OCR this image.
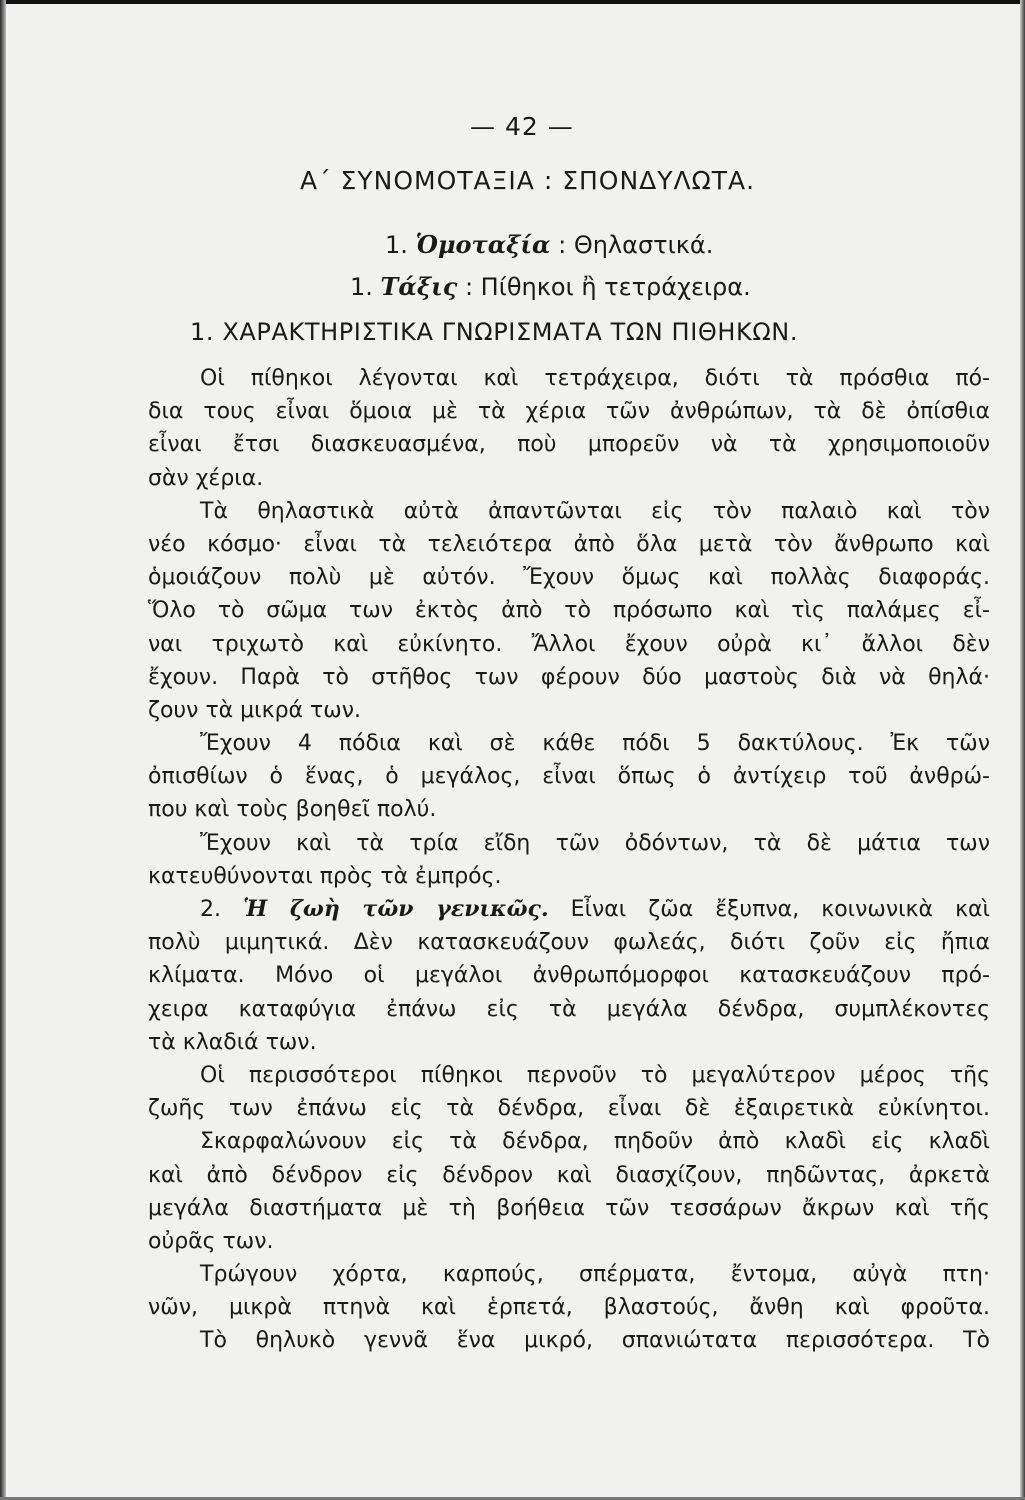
— 42 —
Α΄ ΣΥΝΟΜΟΤΑΞΙΑ : ΣΠΟΝΔΥΛΩΤΑ.
1. Ὁμοταξία : Θηλαστικά.
1. Τάξις : Πίθηκοι ἢ τετράχειρα.
1. ΧΑΡΑΚΤΗΡΙΣΤΙΚΑ ΓΝΩΡΙΣΜΑΤΑ ΤΩΝ ΠΙΘΗΚΩΝ.
Οἱ πίθηκοι λέγονται καὶ τετράχειρα, διότι τὰ πρόσθια πό-
δια τους εἶναι ὅμοια μὲ τὰ χέρια τῶν ἀνθρώπων, τὰ δὲ ὀπίσθια
εἶναι ἔτσι διασκευασμένα, ποὺ μπορεῦν νὰ τὰ χρησιμοποιοῦν
σὰν χέρια.
Τὰ θηλαστικὰ αὐτὰ ἀπαντῶνται εἰς τὸν παλαιὸ καὶ τὸν
νέο κόσμο· εἶναι τὰ τελειότερα ἀπὸ ὅλα μετὰ τὸν ἄνθρωπο καὶ
ὁμοιάζουν πολὺ μὲ αὐτόν. Ἔχουν ὅμως καὶ πολλὰς διαφοράς.
Ὅλο τὸ σῶμα των ἐκτὸς ἀπὸ τὸ πρόσωπο καὶ τὶς παλάμες εἶ-
ναι τριχωτὸ καὶ εὐκίνητο. Ἄλλοι ἔχουν οὐρὰ κι᾿ ἄλλοι δὲν
ἔχουν. Παρὰ τὸ στῆθος των φέρουν δύο μαστοὺς διὰ νὰ θηλά·
ζουν τὰ μικρά των.
Ἔχουν 4 πόδια καὶ σὲ κάθε πόδι 5 δακτύλους. Ἐκ τῶν
ὀπισθίων ὁ ἕνας, ὁ μεγάλος, εἶναι ὅπως ὁ ἀντίχειρ τοῦ ἀνθρώ-
που καὶ τοὺς βοηθεῖ πολύ.
Ἔχουν καὶ τὰ τρία εἴδη τῶν ὀδόντων, τὰ δὲ μάτια των
κατευθύνονται πρὸς τὰ ἐμπρός.
2. Ἡ ζωὴ τῶν γενικῶς. Εἶναι ζῶα ἔξυπνα, κοινωνικὰ καὶ
πολὺ μιμητικά. Δὲν κατασκευάζουν φωλεάς, διότι ζοῦν εἰς ἤπια
κλίματα. Μόνο οἱ μεγάλοι ἀνθρωπόμορφοι κατασκευάζουν πρό-
χειρα καταφύγια ἐπάνω εἰς τὰ μεγάλα δένδρα, συμπλέκοντες
τὰ κλαδιά των.
Οἱ περισσότεροι πίθηκοι περνοῦν τὸ μεγαλύτερον μέρος τῆς
ζωῆς των ἐπάνω εἰς τὰ δένδρα, εἶναι δὲ ἐξαιρετικὰ εὐκίνητοι.
Σκαρφαλώνουν εἰς τὰ δένδρα, πηδοῦν ἀπὸ κλαδὶ εἰς κλαδὶ
καὶ ἀπὸ δένδρον εἰς δένδρον καὶ διασχίζουν, πηδῶντας, ἀρκετὰ
μεγάλα διαστήματα μὲ τὴ βοήθεια τῶν τεσσάρων ἄκρων καὶ τῆς
οὐρᾶς των.
Τρώγουν χόρτα, καρπούς, σπέρματα, ἔντομα, αὐγὰ πτη·
νῶν, μικρὰ πτηνὰ καὶ ἑρπετά, βλαστούς, ἄνθη καὶ φροῦτα.
Τὸ θηλυκὸ γεννᾶ ἕνα μικρό, σπανιώτατα περισσότερα. Τὸ
